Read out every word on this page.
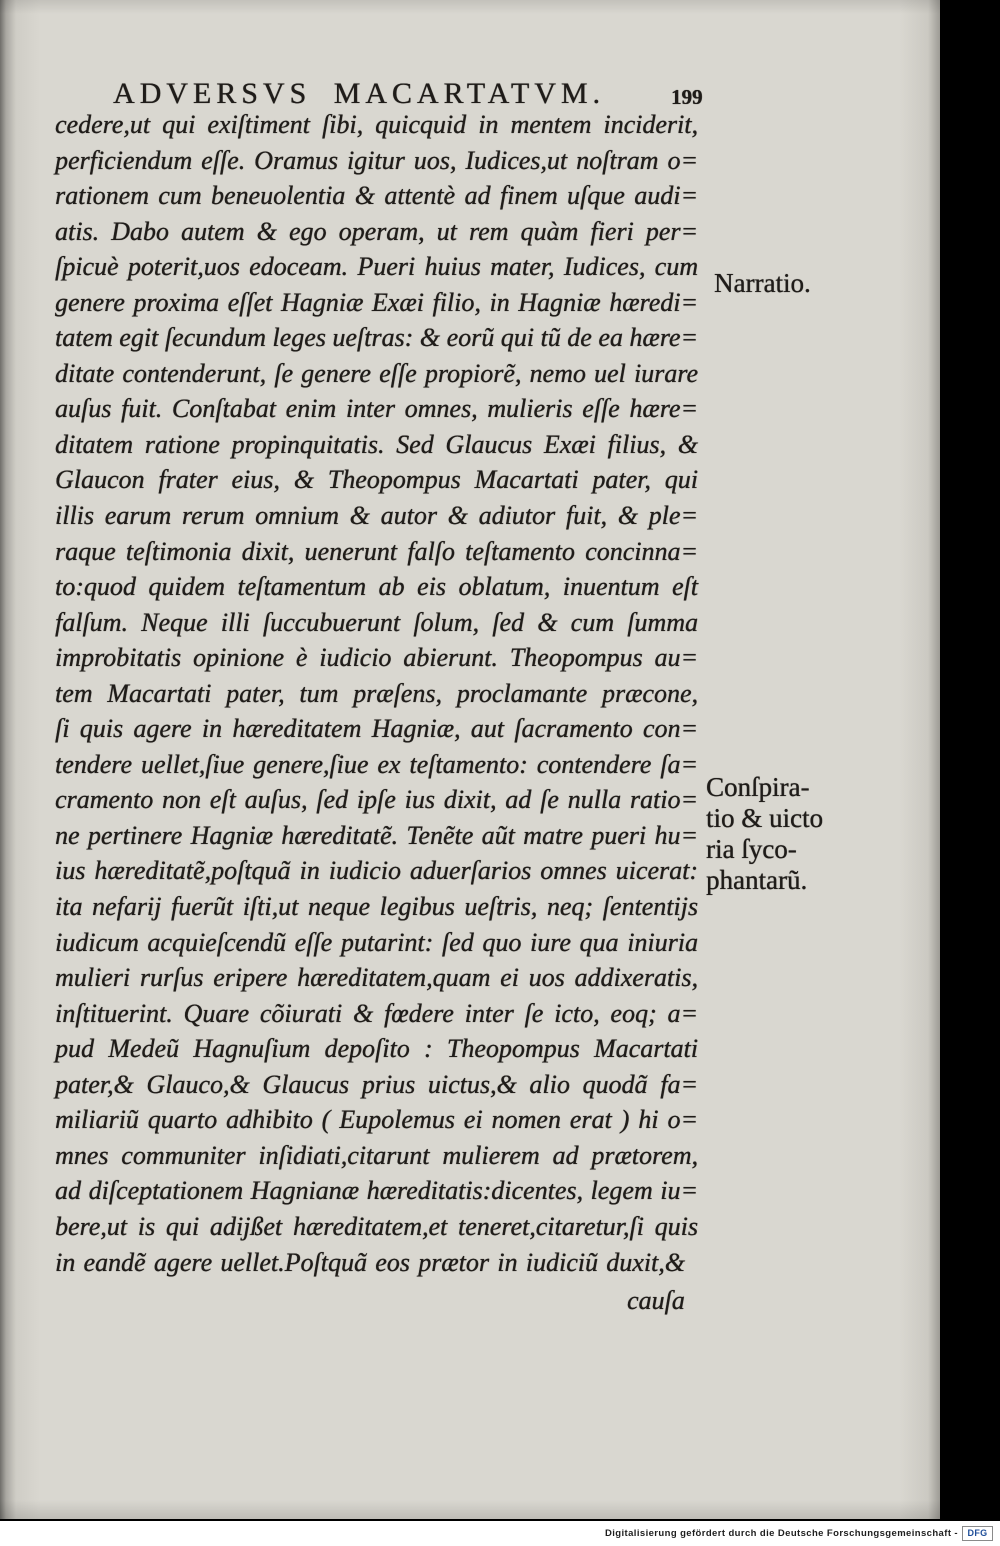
ADVERSVS MACARTATVM.	199
cedere,ut qui exiſtiment ſibi, quicquid in mentem inciderit,
perficiendum eſſe. Oramus igitur uos, Iudices,ut noſtram o=
rationem cum beneuolentia & attentè ad finem uſque audi=
atis. Dabo autem & ego operam, ut rem quàm fieri per=
ſpicuè poterit,uos edoceam. Pueri huius mater, Iudices, cum
genere proxima eſſet Hagniæ Exæi filio, in Hagniæ hæredi=
tatem egit ſecundum leges ueſtras: & eorũ qui tũ de ea hære=
ditate contenderunt, ſe genere eſſe propiorẽ, nemo uel iurare
auſus fuit. Conſtabat enim inter omnes, mulieris eſſe hære=
ditatem ratione propinquitatis. Sed Glaucus Exæi filius, &
Glaucon frater eius, & Theopompus Macartati pater, qui
illis earum rerum omnium & autor & adiutor fuit, & ple=
raque teſtimonia dixit, uenerunt falſo teſtamento concinna=
to:quod quidem teſtamentum ab eis oblatum, inuentum eſt
falſum. Neque illi ſuccubuerunt ſolum, ſed & cum ſumma
improbitatis opinione è iudicio abierunt. Theopompus au=
tem Macartati pater, tum præſens, proclamante præcone,
ſi quis agere in hæreditatem Hagniæ, aut ſacramento con=
tendere uellet,ſiue genere,ſiue ex teſtamento: contendere ſa=
cramento non eſt auſus, ſed ipſe ius dixit, ad ſe nulla ratio=
ne pertinere Hagniæ hæreditatẽ. Tenẽte aũt matre pueri hu=
ius hæreditatẽ,poſtquã in iudicio aduerſarios omnes uicerat:
ita nefarij fuerũt iſti,ut neque legibus ueſtris, neq; ſententijs
iudicum acquieſcendũ eſſe putarint: ſed quo iure qua iniuria
mulieri rurſus eripere hæreditatem,quam ei uos addixeratis,
inſtituerint. Quare cõiurati & fœdere inter ſe icto, eoq; a=
pud Medeũ Hagnuſium depoſito : Theopompus Macartati
pater,& Glauco,& Glaucus prius uictus,& alio quodã fa=
miliariũ quarto adhibito ( Eupolemus ei nomen erat ) hi o=
mnes communiter inſidiati,citarunt mulierem ad prætorem,
ad diſceptationem Hagnianæ hæreditatis:dicentes, legem iu=
bere,ut is qui adijßet hæreditatem,et teneret,citaretur,ſi quis
in eandẽ agere uellet.Poſtquã eos prætor in iudiciũ duxit,&
cauſa
Narratio.
Conſpira-
tio & uicto
ria ſyco-
phantarũ.
Digitalisierung gefördert durch die Deutsche Forschungsgemeinschaft -	DFG
